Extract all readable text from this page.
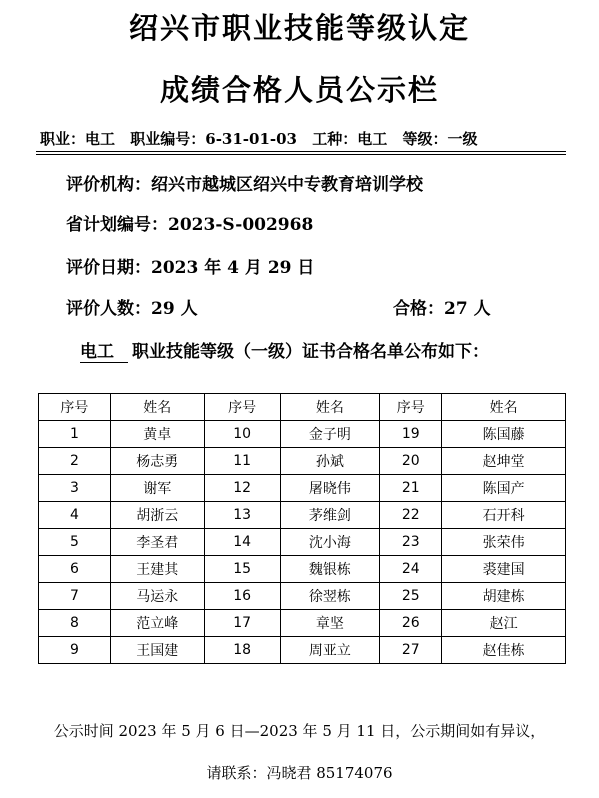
绍兴市职业技能等级认定
成绩合格人员公示栏
职业：电工 职业编号：6-31-01-03 工种：电工 等级：一级
评价机构：绍兴市越城区绍兴中专教育培训学校
省计划编号：2023-S-002968
评价日期：2023 年 4 月 29 日
评价人数：29 人	合格：27 人
电工 职业技能等级（一级）证书合格名单公布如下：
序号	姓名	序号	姓名	序号	姓名
1	黄卓	10	金子明	19	陈国藤
2	杨志勇	11	孙斌	20	赵坤堂
3	谢军	12	屠晓伟	21	陈国产
4	胡浙云	13	茅维剑	22	石开科
5	李圣君	14	沈小海	23	张荣伟
6	王建其	15	魏银栋	24	裘建国
7	马运永	16	徐翌栋	25	胡建栋
8	范立峰	17	章坚	26	赵江
9	王国建	18	周亚立	27	赵佳栋
公示时间 2023 年 5 月 6 日—2023 年 5 月 11 日，公示期间如有异议，
请联系：冯晓君 85174076
